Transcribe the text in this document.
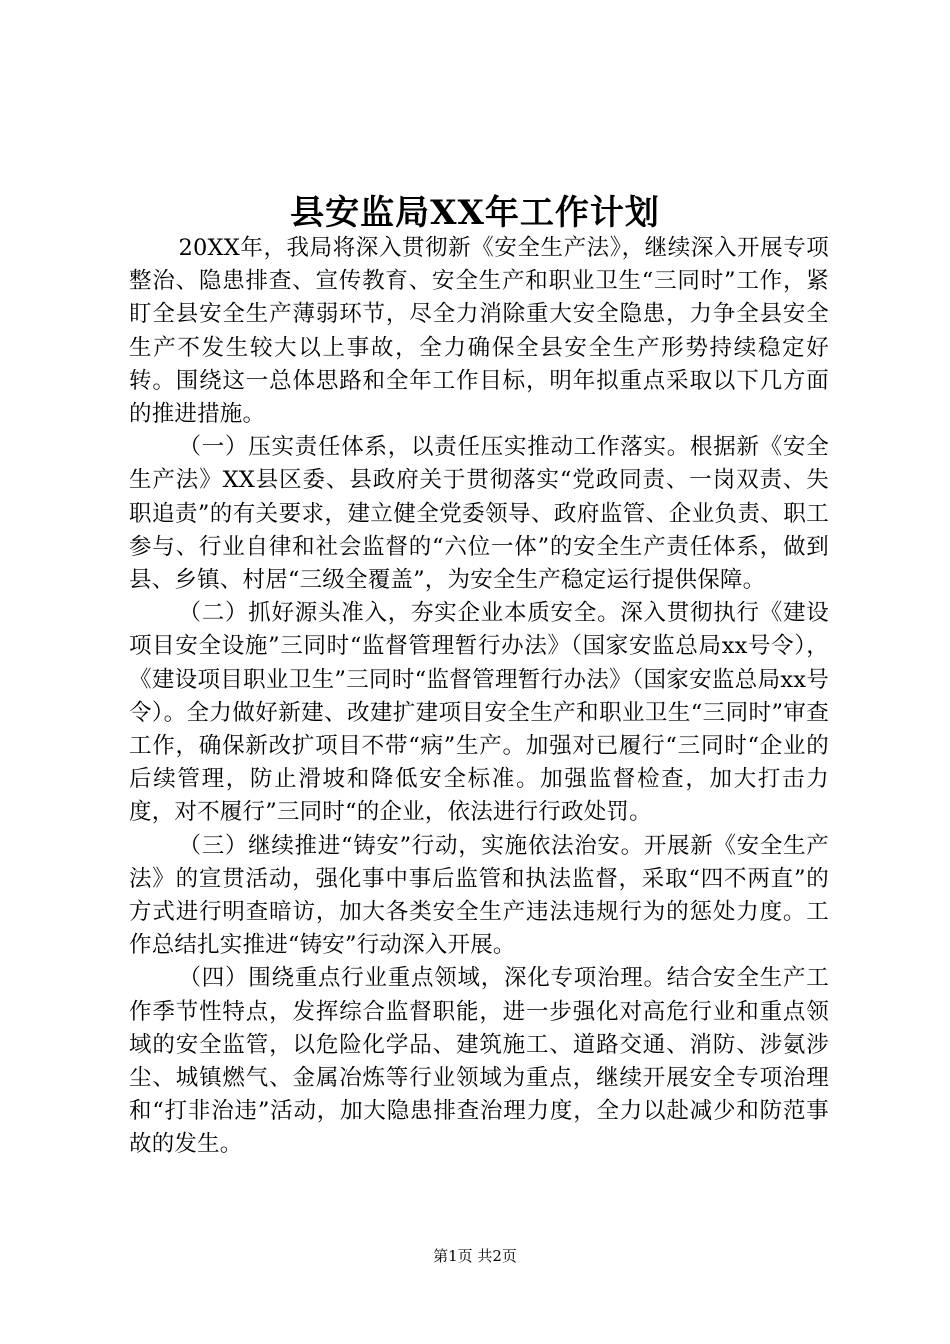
县安监局XX年工作计划

20XX年，我局将深入贯彻新《安全生产法》，继续深入开展专项整治、隐患排查、宣传教育、安全生产和职业卫生“三同时”工作，紧盯全县安全生产薄弱环节，尽全力消除重大安全隐患，力争全县安全生产不发生较大以上事故，全力确保全县安全生产形势持续稳定好转。围绕这一总体思路和全年工作目标，明年拟重点采取以下几方面的推进措施。

（一）压实责任体系，以责任压实推动工作落实。根据新《安全生产法》XX县区委、县政府关于贯彻落实“党政同责、一岗双责、失职追责”的有关要求，建立健全党委领导、政府监管、企业负责、职工参与、行业自律和社会监督的“六位一体”的安全生产责任体系，做到县、乡镇、村居“三级全覆盖”，为安全生产稳定运行提供保障。

（二）抓好源头准入，夯实企业本质安全。深入贯彻执行《建设项目安全设施”三同时“监督管理暂行办法》（国家安监总局xx号令），《建设项目职业卫生”三同时“监督管理暂行办法》（国家安监总局xx号令）。全力做好新建、改建扩建项目安全生产和职业卫生“三同时”审查工作，确保新改扩项目不带“病”生产。加强对已履行“三同时“企业的后续管理，防止滑坡和降低安全标准。加强监督检查，加大打击力度，对不履行”三同时“的企业，依法进行行政处罚。

（三）继续推进“铸安”行动，实施依法治安。开展新《安全生产法》的宣贯活动，强化事中事后监管和执法监督，采取“四不两直”的方式进行明查暗访，加大各类安全生产违法违规行为的惩处力度。工作总结扎实推进“铸安”行动深入开展。

（四）围绕重点行业重点领域，深化专项治理。结合安全生产工作季节性特点，发挥综合监督职能，进一步强化对高危行业和重点领域的安全监管，以危险化学品、建筑施工、道路交通、消防、涉氨涉尘、城镇燃气、金属冶炼等行业领域为重点，继续开展安全专项治理和“打非治违”活动，加大隐患排查治理力度，全力以赴减少和防范事故的发生。

第1页 共2页
